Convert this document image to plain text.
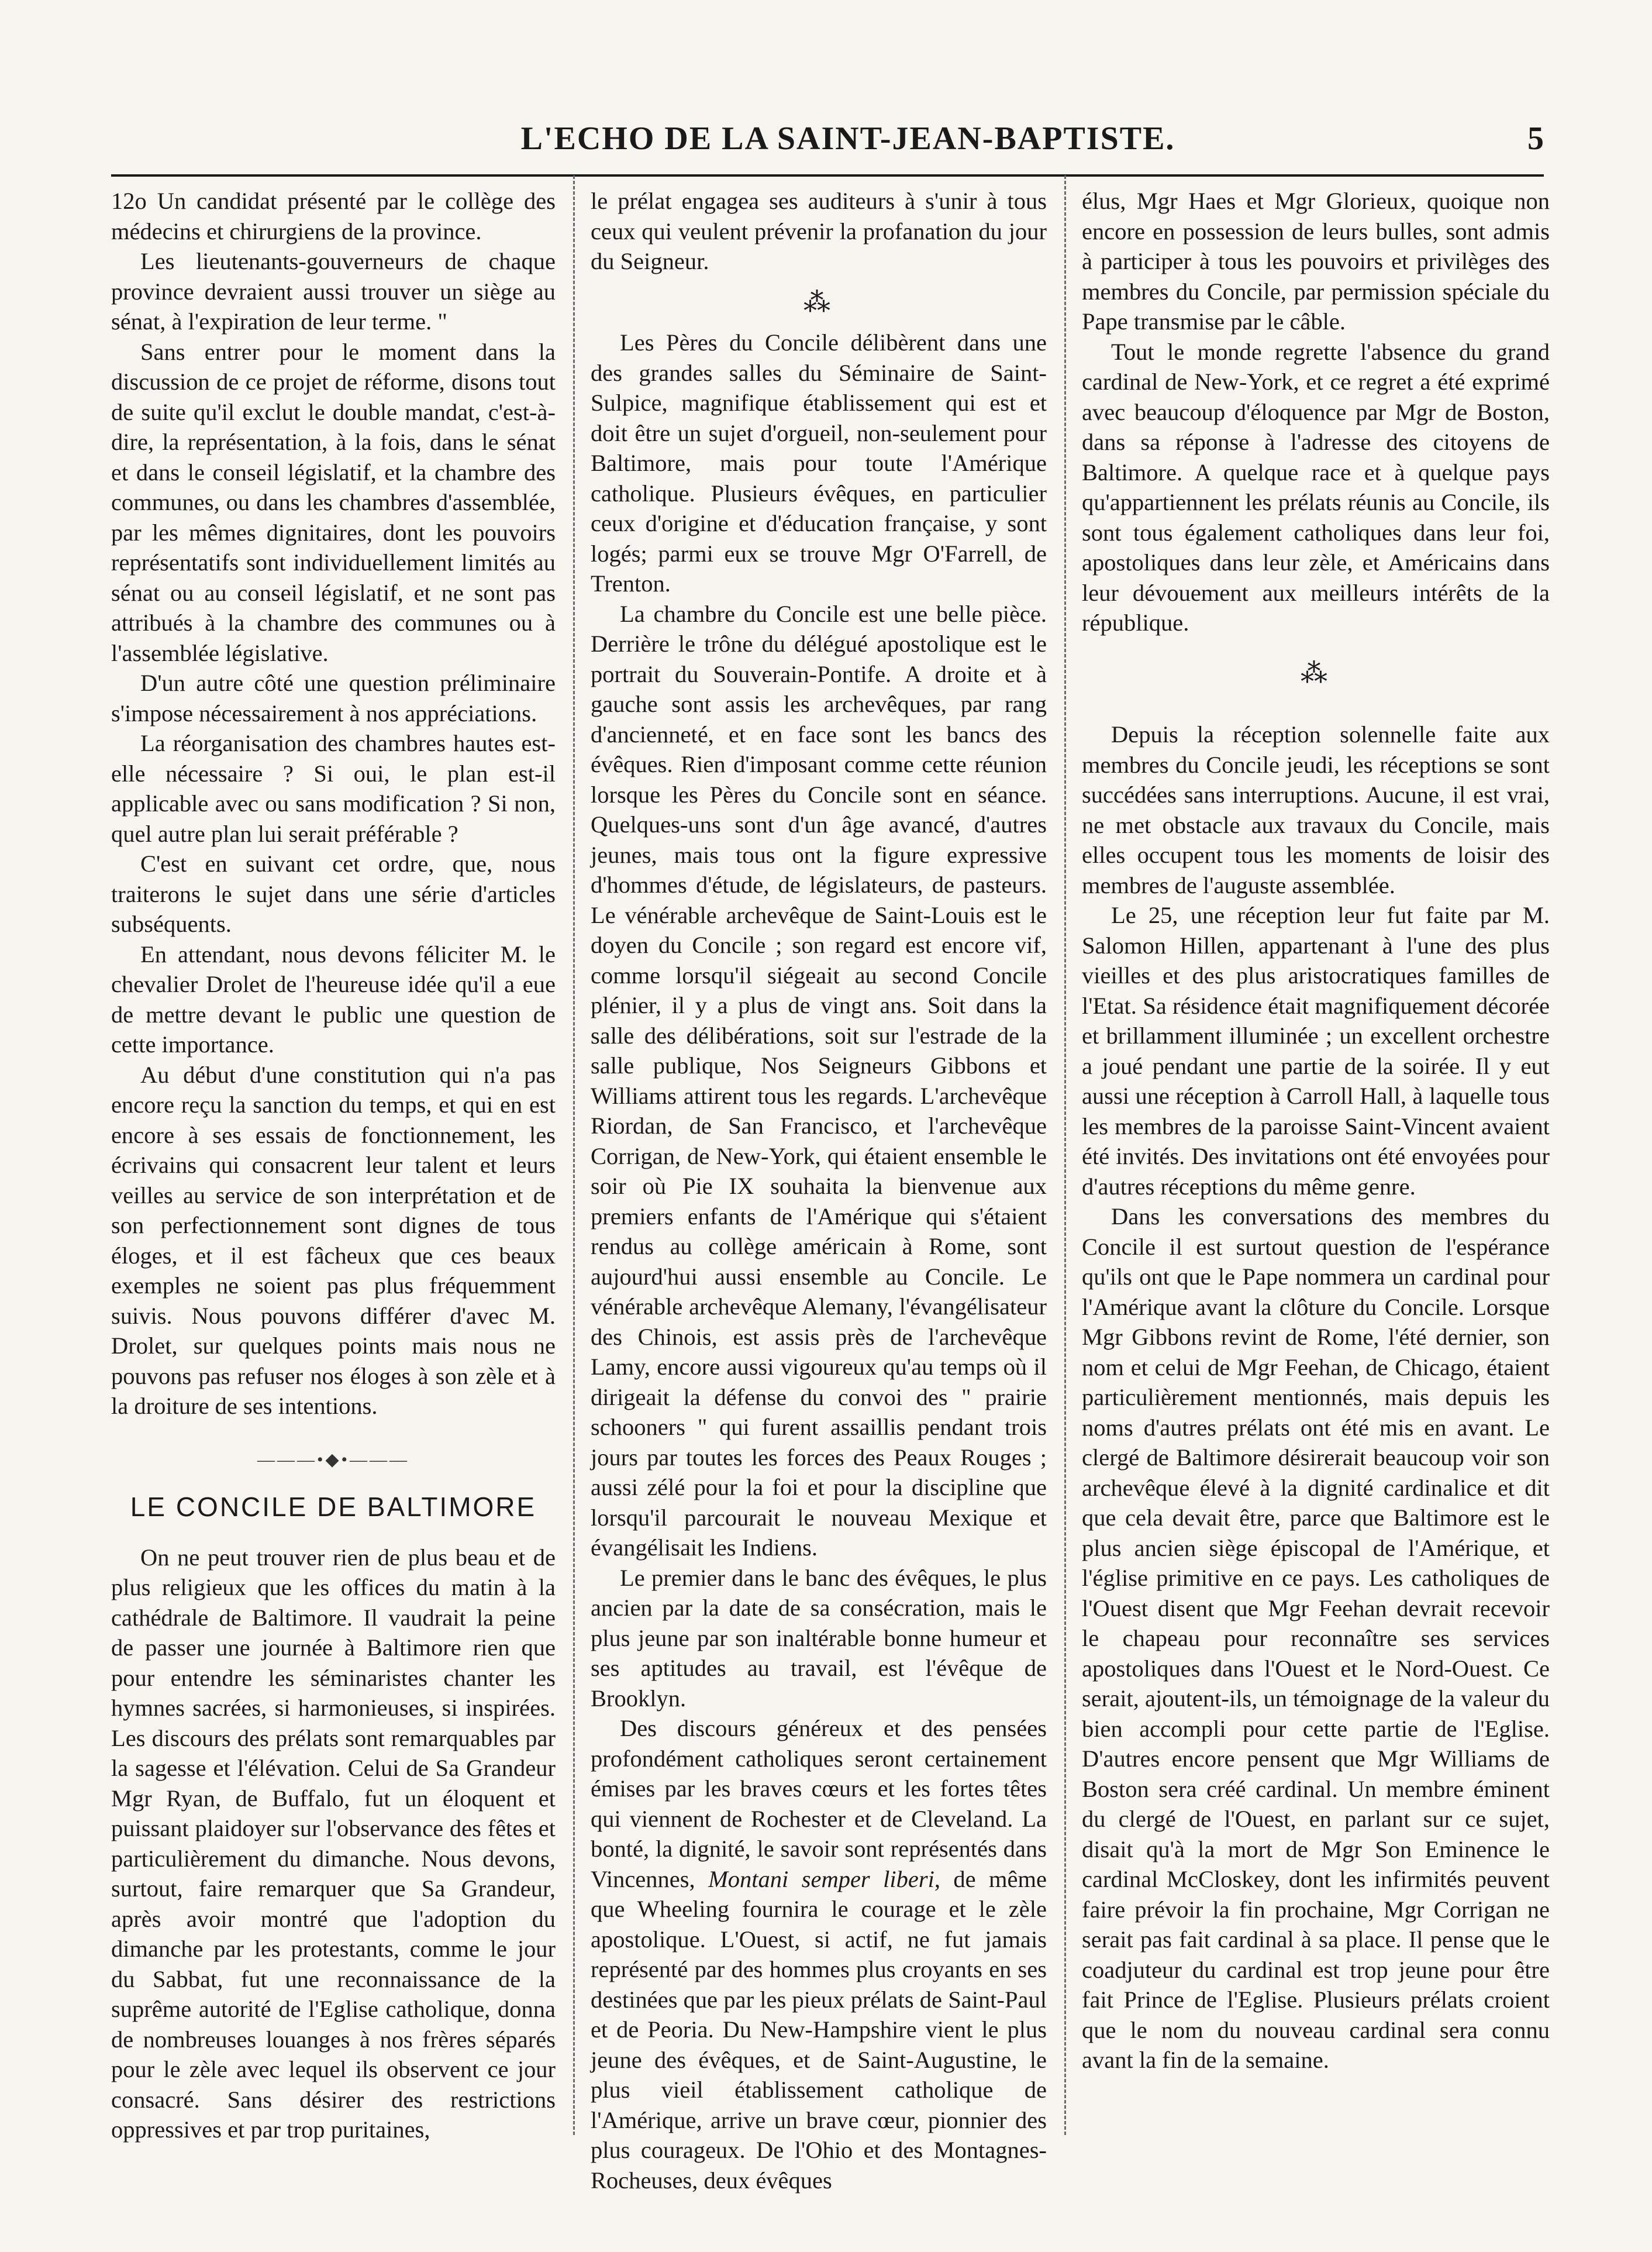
L'ECHO DE LA SAINT-JEAN-BAPTISTE.	5

12o Un candidat présenté par le collège des médecins et chirurgiens de la province.

Les lieutenants-gouverneurs de chaque province devraient aussi trouver un siège au sénat, à l'expiration de leur terme. "

Sans entrer pour le moment dans la discussion de ce projet de réforme, disons tout de suite qu'il exclut le double mandat, c'est-à-dire, la représentation, à la fois, dans le sénat et dans le conseil législatif, et la chambre des communes, ou dans les chambres d'assemblée, par les mêmes dignitaires, dont les pouvoirs représentatifs sont individuellement limités au sénat ou au conseil législatif, et ne sont pas attribués à la chambre des communes ou à l'assemblée législative.

D'un autre côté une question préliminaire s'impose nécessairement à nos appréciations.

La réorganisation des chambres hautes est-elle nécessaire ? Si oui, le plan est-il applicable avec ou sans modification ? Si non, quel autre plan lui serait préférable ?

C'est en suivant cet ordre, que, nous traiterons le sujet dans une série d'articles subséquents.

En attendant, nous devons féliciter M. le chevalier Drolet de l'heureuse idée qu'il a eue de mettre devant le public une question de cette importance.

Au début d'une constitution qui n'a pas encore reçu la sanction du temps, et qui en est encore à ses essais de fonctionnement, les écrivains qui consacrent leur talent et leurs veilles au service de son interprétation et de son perfectionnement sont dignes de tous éloges, et il est fâcheux que ces beaux exemples ne soient pas plus fréquemment suivis. Nous pouvons différer d'avec M. Drolet, sur quelques points mais nous ne pouvons pas refuser nos éloges à son zèle et à la droiture de ses intentions.

———•◆•———
LE CONCILE DE BALTIMORE

On ne peut trouver rien de plus beau et de plus religieux que les offices du matin à la cathédrale de Baltimore. Il vaudrait la peine de passer une journée à Baltimore rien que pour entendre les séminaristes chanter les hymnes sacrées, si harmonieuses, si inspirées. Les discours des prélats sont remarquables par la sagesse et l'élévation. Celui de Sa Grandeur Mgr Ryan, de Buffalo, fut un éloquent et puissant plaidoyer sur l'observance des fêtes et particulièrement du dimanche. Nous devons, surtout, faire remarquer que Sa Grandeur, après avoir montré que l'adoption du dimanche par les protestants, comme le jour du Sabbat, fut une reconnaissance de la suprême autorité de l'Eglise catholique, donna de nombreuses louanges à nos frères séparés pour le zèle avec lequel ils observent ce jour consacré. Sans désirer des restrictions oppressives et par trop puritaines,

le prélat engagea ses auditeurs à s'unir à tous ceux qui veulent prévenir la profanation du jour du Seigneur.

⁂

Les Pères du Concile délibèrent dans une des grandes salles du Séminaire de Saint-Sulpice, magnifique établissement qui est et doit être un sujet d'orgueil, non-seulement pour Baltimore, mais pour toute l'Amérique catholique. Plusieurs évêques, en particulier ceux d'origine et d'éducation française, y sont logés; parmi eux se trouve Mgr O'Farrell, de Trenton.

La chambre du Concile est une belle pièce. Derrière le trône du délégué apostolique est le portrait du Souverain-Pontife. A droite et à gauche sont assis les archevêques, par rang d'ancienneté, et en face sont les bancs des évêques. Rien d'imposant comme cette réunion lorsque les Pères du Concile sont en séance. Quelques-uns sont d'un âge avancé, d'autres jeunes, mais tous ont la figure expressive d'hommes d'étude, de législateurs, de pasteurs. Le vénérable archevêque de Saint-Louis est le doyen du Concile ; son regard est encore vif, comme lorsqu'il siégeait au second Concile plénier, il y a plus de vingt ans. Soit dans la salle des délibérations, soit sur l'estrade de la salle publique, Nos Seigneurs Gibbons et Williams attirent tous les regards. L'archevêque Riordan, de San Francisco, et l'archevêque Corrigan, de New-York, qui étaient ensemble le soir où Pie IX souhaita la bienvenue aux premiers enfants de l'Amérique qui s'étaient rendus au collège américain à Rome, sont aujourd'hui aussi ensemble au Concile. Le vénérable archevêque Alemany, l'évangélisateur des Chinois, est assis près de l'archevêque Lamy, encore aussi vigoureux qu'au temps où il dirigeait la défense du convoi des " prairie schooners " qui furent assaillis pendant trois jours par toutes les forces des Peaux Rouges ; aussi zélé pour la foi et pour la discipline que lorsqu'il parcourait le nouveau Mexique et évangélisait les Indiens.

Le premier dans le banc des évêques, le plus ancien par la date de sa consécration, mais le plus jeune par son inaltérable bonne humeur et ses aptitudes au travail, est l'évêque de Brooklyn.

Des discours généreux et des pensées profondément catholiques seront certainement émises par les braves cœurs et les fortes têtes qui viennent de Rochester et de Cleveland. La bonté, la dignité, le savoir sont représentés dans Vincennes, Montani semper liberi, de même que Wheeling fournira le courage et le zèle apostolique. L'Ouest, si actif, ne fut jamais représenté par des hommes plus croyants en ses destinées que par les pieux prélats de Saint-Paul et de Peoria. Du New-Hampshire vient le plus jeune des évêques, et de Saint-Augustine, le plus vieil établissement catholique de l'Amérique, arrive un brave cœur, pionnier des plus courageux. De l'Ohio et des Montagnes-Rocheuses, deux évêques

élus, Mgr Haes et Mgr Glorieux, quoique non encore en possession de leurs bulles, sont admis à participer à tous les pouvoirs et privilèges des membres du Concile, par permission spéciale du Pape transmise par le câble.

Tout le monde regrette l'absence du grand cardinal de New-York, et ce regret a été exprimé avec beaucoup d'éloquence par Mgr de Boston, dans sa réponse à l'adresse des citoyens de Baltimore. A quelque race et à quelque pays qu'appartiennent les prélats réunis au Concile, ils sont tous également catholiques dans leur foi, apostoliques dans leur zèle, et Américains dans leur dévouement aux meilleurs intérêts de la république.

⁂

Depuis la réception solennelle faite aux membres du Concile jeudi, les réceptions se sont succédées sans interruptions. Aucune, il est vrai, ne met obstacle aux travaux du Concile, mais elles occupent tous les moments de loisir des membres de l'auguste assemblée.

Le 25, une réception leur fut faite par M. Salomon Hillen, appartenant à l'une des plus vieilles et des plus aristocratiques familles de l'Etat. Sa résidence était magnifiquement décorée et brillamment illuminée ; un excellent orchestre a joué pendant une partie de la soirée. Il y eut aussi une réception à Carroll Hall, à laquelle tous les membres de la paroisse Saint-Vincent avaient été invités. Des invitations ont été envoyées pour d'autres réceptions du même genre.

Dans les conversations des membres du Concile il est surtout question de l'espérance qu'ils ont que le Pape nommera un cardinal pour l'Amérique avant la clôture du Concile. Lorsque Mgr Gibbons revint de Rome, l'été dernier, son nom et celui de Mgr Feehan, de Chicago, étaient particulièrement mentionnés, mais depuis les noms d'autres prélats ont été mis en avant. Le clergé de Baltimore désirerait beaucoup voir son archevêque élevé à la dignité cardinalice et dit que cela devait être, parce que Baltimore est le plus ancien siège épiscopal de l'Amérique, et l'église primitive en ce pays. Les catholiques de l'Ouest disent que Mgr Feehan devrait recevoir le chapeau pour reconnaître ses services apostoliques dans l'Ouest et le Nord-Ouest. Ce serait, ajoutent-ils, un témoignage de la valeur du bien accompli pour cette partie de l'Eglise. D'autres encore pensent que Mgr Williams de Boston sera créé cardinal. Un membre éminent du clergé de l'Ouest, en parlant sur ce sujet, disait qu'à la mort de Mgr Son Eminence le cardinal McCloskey, dont les infirmités peuvent faire prévoir la fin prochaine, Mgr Corrigan ne serait pas fait cardinal à sa place. Il pense que le coadjuteur du cardinal est trop jeune pour être fait Prince de l'Eglise. Plusieurs prélats croient que le nom du nouveau cardinal sera connu avant la fin de la semaine.
